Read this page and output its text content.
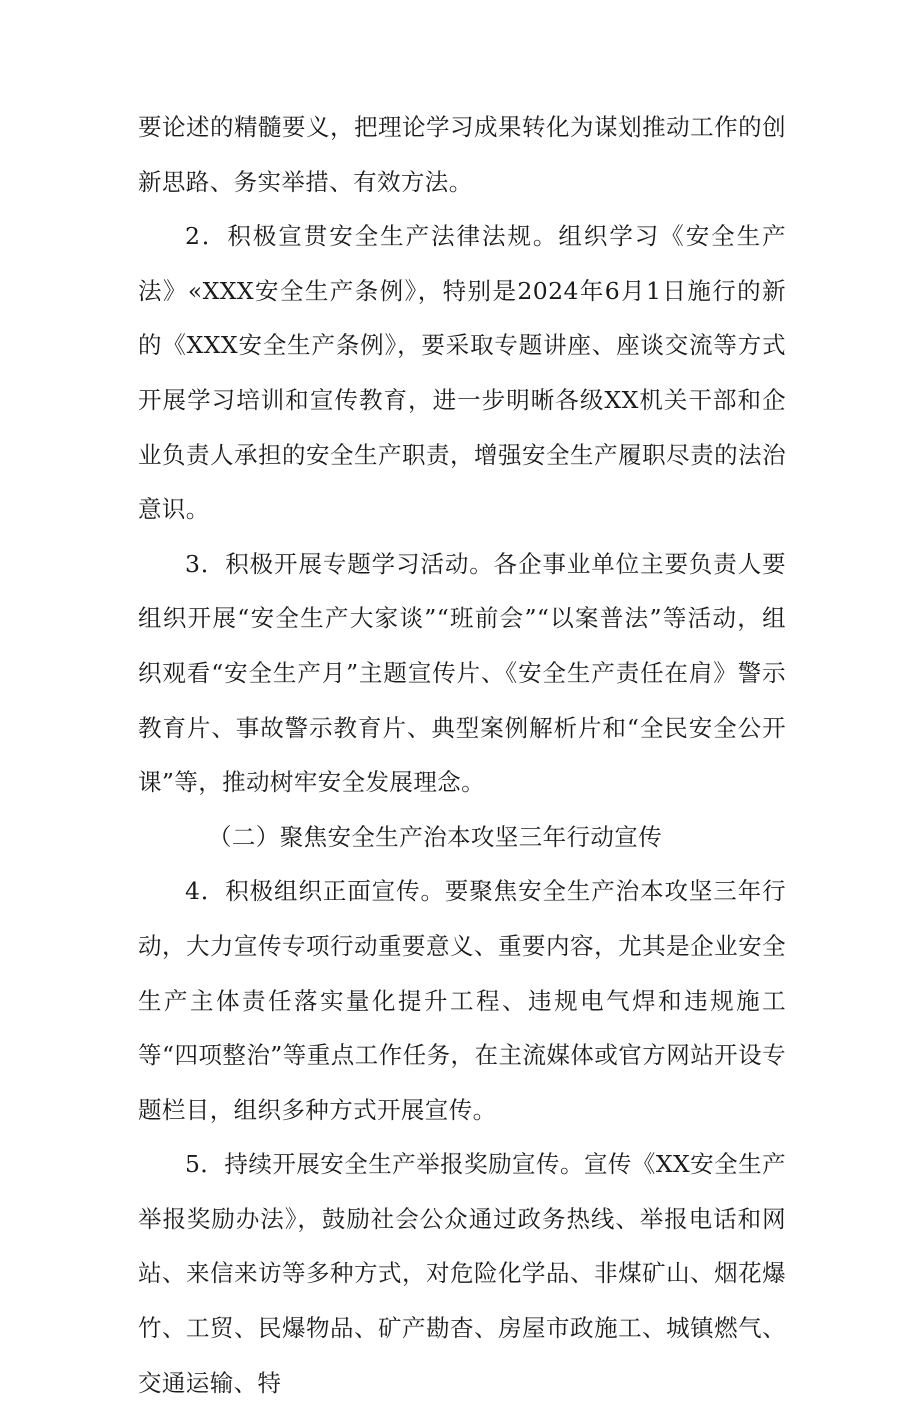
要论述的精髓要义，把理论学习成果转化为谋划推动工作的创新思路、务实举措、有效方法。

2．积极宣贯安全生产法律法规。组织学习《安全生产法》«XXX安全生产条例》，特别是2024年6月1日施行的新的《XXX安全生产条例》，要采取专题讲座、座谈交流等方式开展学习培训和宣传教育，进一步明晰各级XX机关干部和企业负责人承担的安全生产职责，增强安全生产履职尽责的法治意识。

3．积极开展专题学习活动。各企事业单位主要负责人要组织开展“安全生产大家谈”“班前会”“以案普法”等活动，组织观看“安全生产月”主题宣传片、《安全生产责任在肩》警示教育片、事故警示教育片、典型案例解析片和“全民安全公开课”等，推动树牢安全发展理念。

（二）聚焦安全生产治本攻坚三年行动宣传

4．积极组织正面宣传。要聚焦安全生产治本攻坚三年行动，大力宣传专项行动重要意义、重要内容，尤其是企业安全生产主体责任落实量化提升工程、违规电气焊和违规施工等“四项整治”等重点工作任务，在主流媒体或官方网站开设专题栏目，组织多种方式开展宣传。

5．持续开展安全生产举报奖励宣传。宣传《XX安全生产举报奖励办法》，鼓励社会公众通过政务热线、举报电话和网站、来信来访等多种方式，对危险化学品、非煤矿山、烟花爆竹、工贸、民爆物品、矿产勘杳、房屋市政施工、城镇燃气、交通运输、特
